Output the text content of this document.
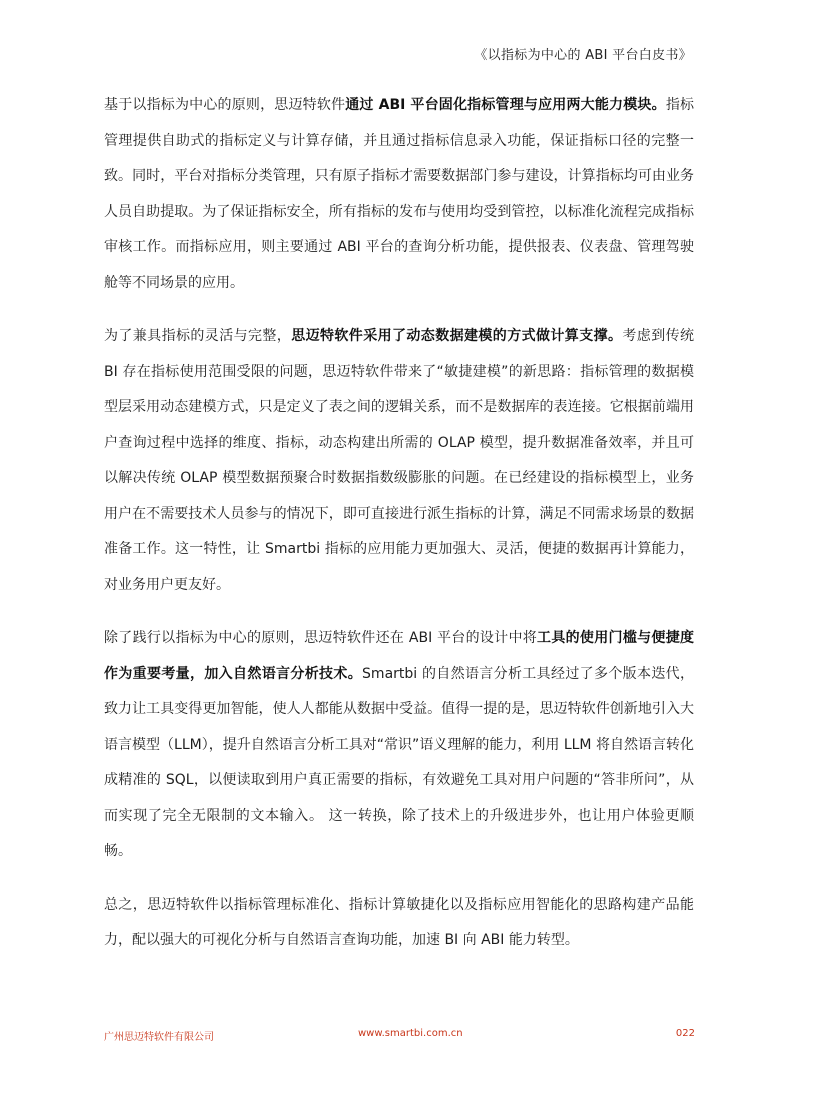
《以指标为中心的 ABI 平台白皮书》

基于以指标为中心的原则，思迈特软件通过 ABI 平台固化指标管理与应用两大能力模块。指标管理提供自助式的指标定义与计算存储，并且通过指标信息录入功能，保证指标口径的完整一致。同时，平台对指标分类管理，只有原子指标才需要数据部门参与建设，计算指标均可由业务人员自助提取。为了保证指标安全，所有指标的发布与使用均受到管控，以标准化流程完成指标审核工作。而指标应用，则主要通过 ABI 平台的查询分析功能，提供报表、仪表盘、管理驾驶舱等不同场景的应用。

为了兼具指标的灵活与完整，思迈特软件采用了动态数据建模的方式做计算支撑。考虑到传统 BI 存在指标使用范围受限的问题，思迈特软件带来了“敏捷建模”的新思路：指标管理的数据模型层采用动态建模方式，只是定义了表之间的逻辑关系，而不是数据库的表连接。它根据前端用户查询过程中选择的维度、指标，动态构建出所需的 OLAP 模型，提升数据准备效率，并且可以解决传统 OLAP 模型数据预聚合时数据指数级膨胀的问题。在已经建设的指标模型上，业务用户在不需要技术人员参与的情况下，即可直接进行派生指标的计算，满足不同需求场景的数据准备工作。这一特性，让 Smartbi 指标的应用能力更加强大、灵活，便捷的数据再计算能力，对业务用户更友好。

除了践行以指标为中心的原则，思迈特软件还在 ABI 平台的设计中将工具的使用门槛与便捷度作为重要考量，加入自然语言分析技术。Smartbi 的自然语言分析工具经过了多个版本迭代，致力让工具变得更加智能，使人人都能从数据中受益。值得一提的是，思迈特软件创新地引入大语言模型（LLM），提升自然语言分析工具对“常识”语义理解的能力，利用 LLM 将自然语言转化成精准的 SQL，以便读取到用户真正需要的指标，有效避免工具对用户问题的“答非所问”，从而实现了完全无限制的文本输入。 这一转换，除了技术上的升级进步外，也让用户体验更顺畅。

总之，思迈特软件以指标管理标准化、指标计算敏捷化以及指标应用智能化的思路构建产品能力，配以强大的可视化分析与自然语言查询功能，加速 BI 向 ABI 能力转型。

广州思迈特软件有限公司	www.smartbi.com.cn	022
